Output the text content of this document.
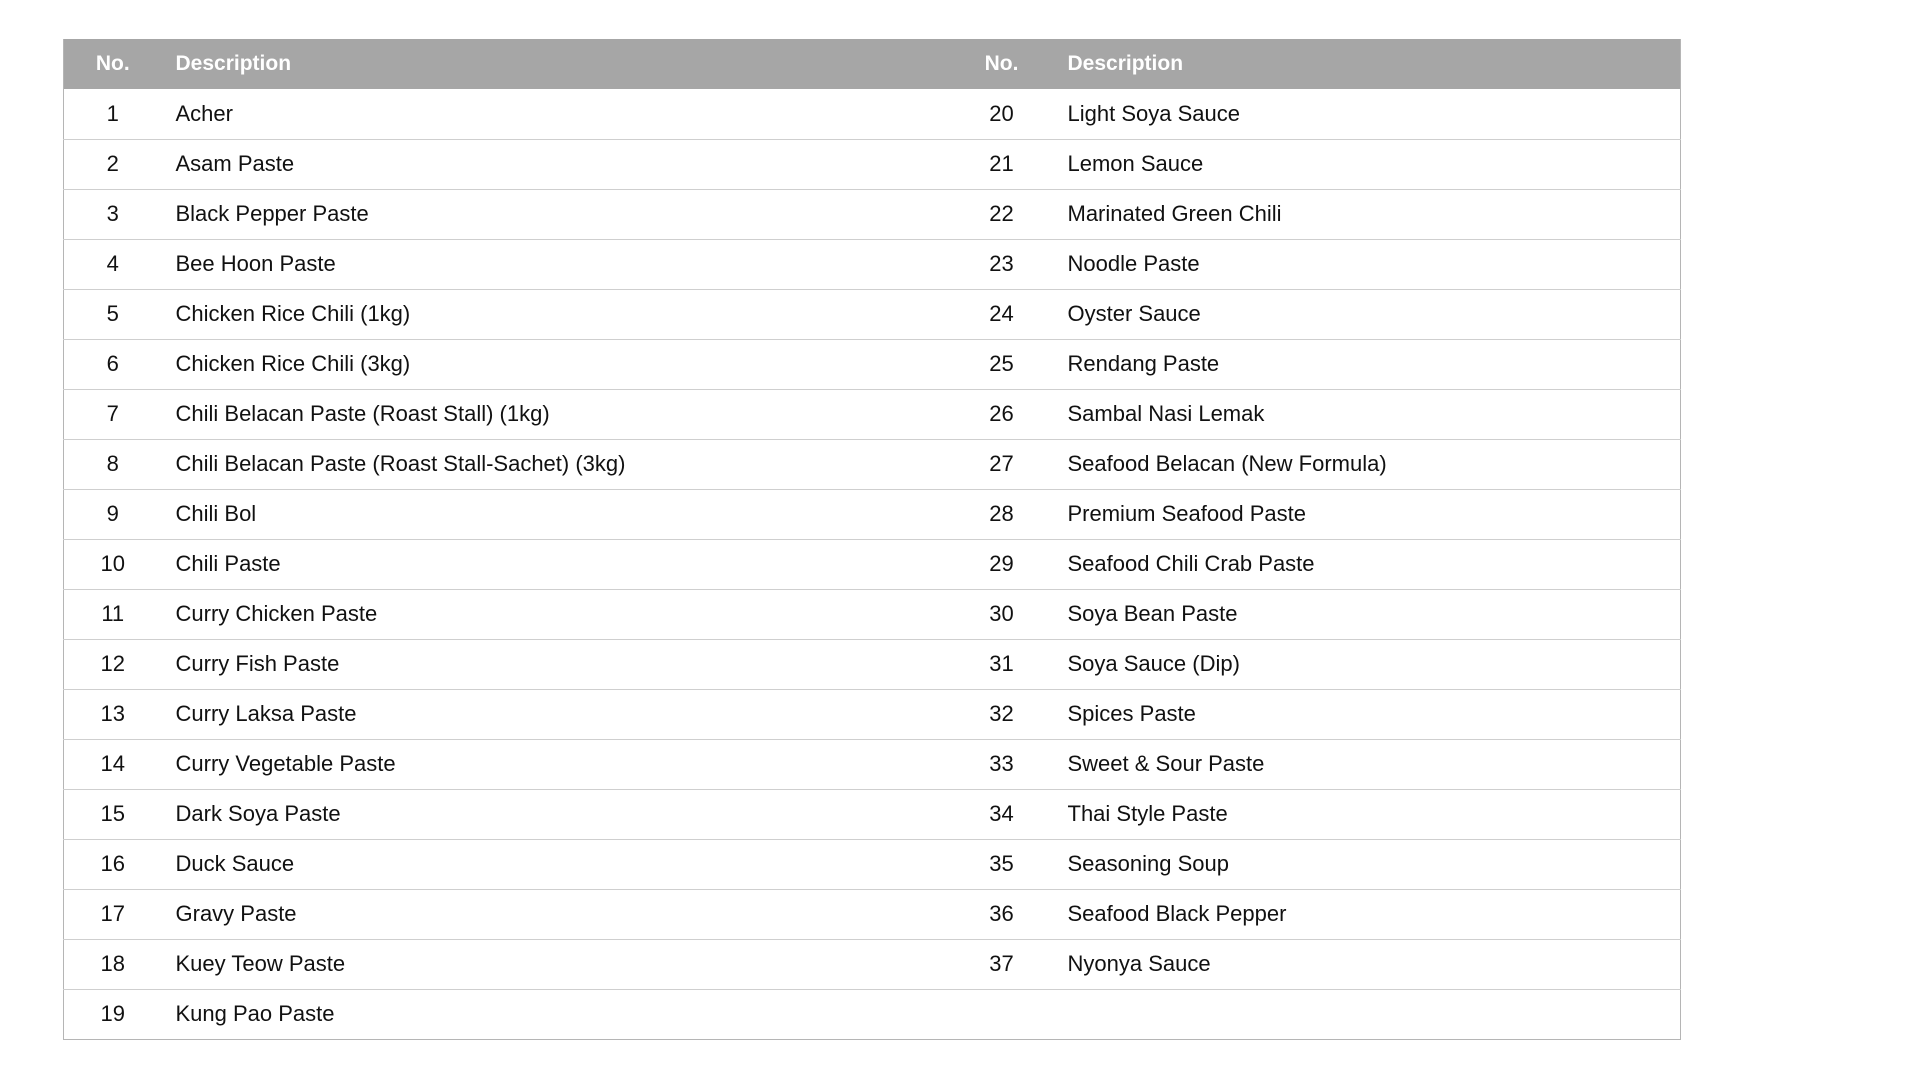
No.	Description	No.	Description
1	Acher	20	Light Soya Sauce
2	Asam Paste	21	Lemon Sauce
3	Black Pepper Paste	22	Marinated Green Chili
4	Bee Hoon Paste	23	Noodle Paste
5	Chicken Rice Chili (1kg)	24	Oyster Sauce
6	Chicken Rice Chili (3kg)	25	Rendang Paste
7	Chili Belacan Paste (Roast Stall) (1kg)	26	Sambal Nasi Lemak
8	Chili Belacan Paste (Roast Stall-Sachet) (3kg)	27	Seafood Belacan (New Formula)
9	Chili Bol	28	Premium Seafood Paste
10	Chili Paste	29	Seafood Chili Crab Paste
11	Curry Chicken Paste	30	Soya Bean Paste
12	Curry Fish Paste	31	Soya Sauce (Dip)
13	Curry Laksa Paste	32	Spices Paste
14	Curry Vegetable Paste	33	Sweet & Sour Paste
15	Dark Soya Paste	34	Thai Style Paste
16	Duck Sauce	35	Seasoning Soup
17	Gravy Paste	36	Seafood Black Pepper
18	Kuey Teow Paste	37	Nyonya Sauce
19	Kung Pao Paste		
